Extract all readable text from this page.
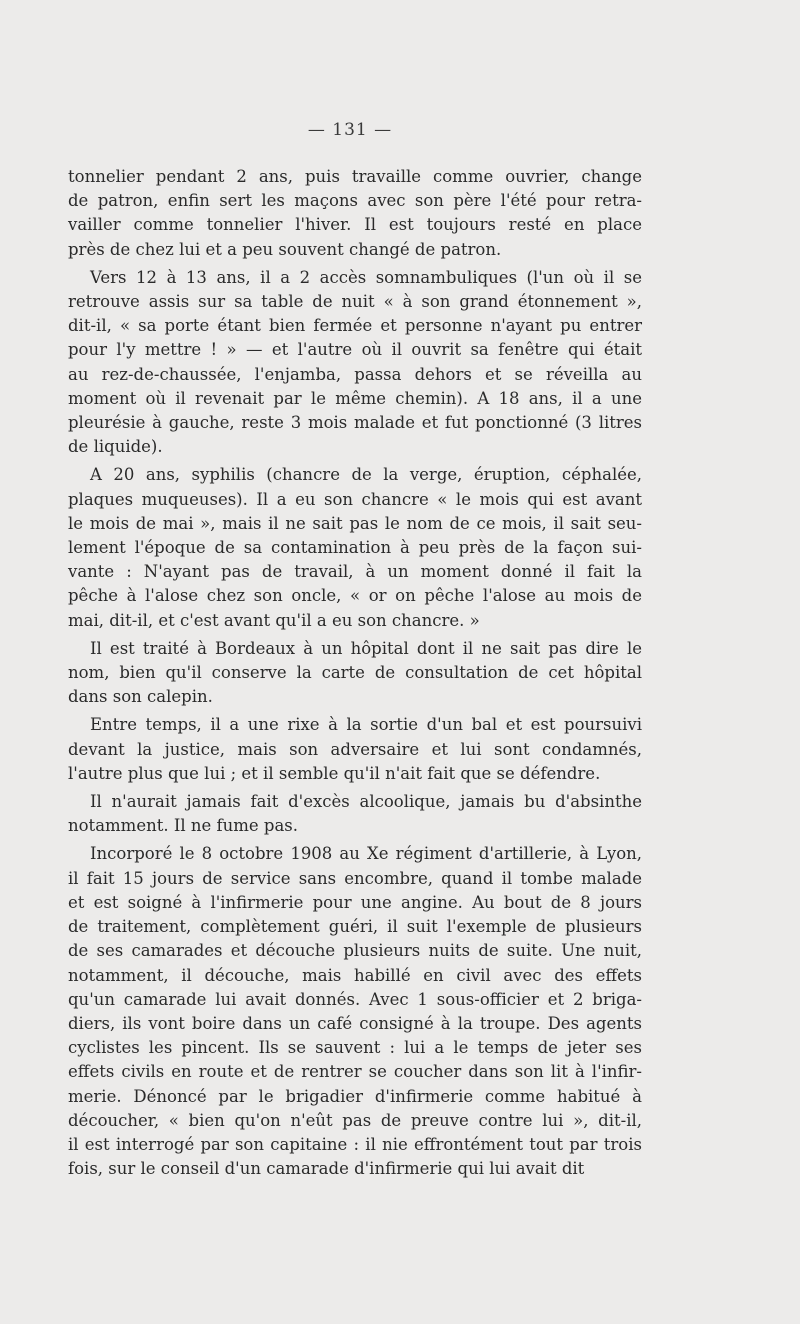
— 131 —

tonnelier pendant 2 ans, puis travaille comme ouvrier, change
de patron, enfin sert les maçons avec son père l'été pour retra-
vailler comme tonnelier l'hiver. Il est toujours resté en place
près de chez lui et a peu souvent changé de patron.

Vers 12 à 13 ans, il a 2 accès somnambuliques (l'un où il se
retrouve assis sur sa table de nuit « à son grand étonnement »,
dit-il, « sa porte étant bien fermée et personne n'ayant pu entrer
pour l'y mettre ! » — et l'autre où il ouvrit sa fenêtre qui était
au rez-de-chaussée, l'enjamba, passa dehors et se réveilla au
moment où il revenait par le même chemin). A 18 ans, il a une
pleurésie à gauche, reste 3 mois malade et fut ponctionné (3 litres
de liquide).

A 20 ans, syphilis (chancre de la verge, éruption, céphalée,
plaques muqueuses). Il a eu son chancre « le mois qui est avant
le mois de mai », mais il ne sait pas le nom de ce mois, il sait seu-
lement l'époque de sa contamination à peu près de la façon sui-
vante : N'ayant pas de travail, à un moment donné il fait la
pêche à l'alose chez son oncle, « or on pêche l'alose au mois de
mai, dit-il, et c'est avant qu'il a eu son chancre. »

Il est traité à Bordeaux à un hôpital dont il ne sait pas dire le
nom, bien qu'il conserve la carte de consultation de cet hôpital
dans son calepin.

Entre temps, il a une rixe à la sortie d'un bal et est poursuivi
devant la justice, mais son adversaire et lui sont condamnés,
l'autre plus que lui ; et il semble qu'il n'ait fait que se défendre.

Il n'aurait jamais fait d'excès alcoolique, jamais bu d'absinthe
notamment. Il ne fume pas.

Incorporé le 8 octobre 1908 au Xe régiment d'artillerie, à Lyon,
il fait 15 jours de service sans encombre, quand il tombe malade
et est soigné à l'infirmerie pour une angine. Au bout de 8 jours
de traitement, complètement guéri, il suit l'exemple de plusieurs
de ses camarades et découche plusieurs nuits de suite. Une nuit,
notamment, il découche, mais habillé en civil avec des effets
qu'un camarade lui avait donnés. Avec 1 sous-officier et 2 briga-
diers, ils vont boire dans un café consigné à la troupe. Des agents
cyclistes les pincent. Ils se sauvent : lui a le temps de jeter ses
effets civils en route et de rentrer se coucher dans son lit à l'infir-
merie. Dénoncé par le brigadier d'infirmerie comme habitué à
découcher, « bien qu'on n'eût pas de preuve contre lui », dit-il,
il est interrogé par son capitaine : il nie effrontément tout par trois
fois, sur le conseil d'un camarade d'infirmerie qui lui avait dit
